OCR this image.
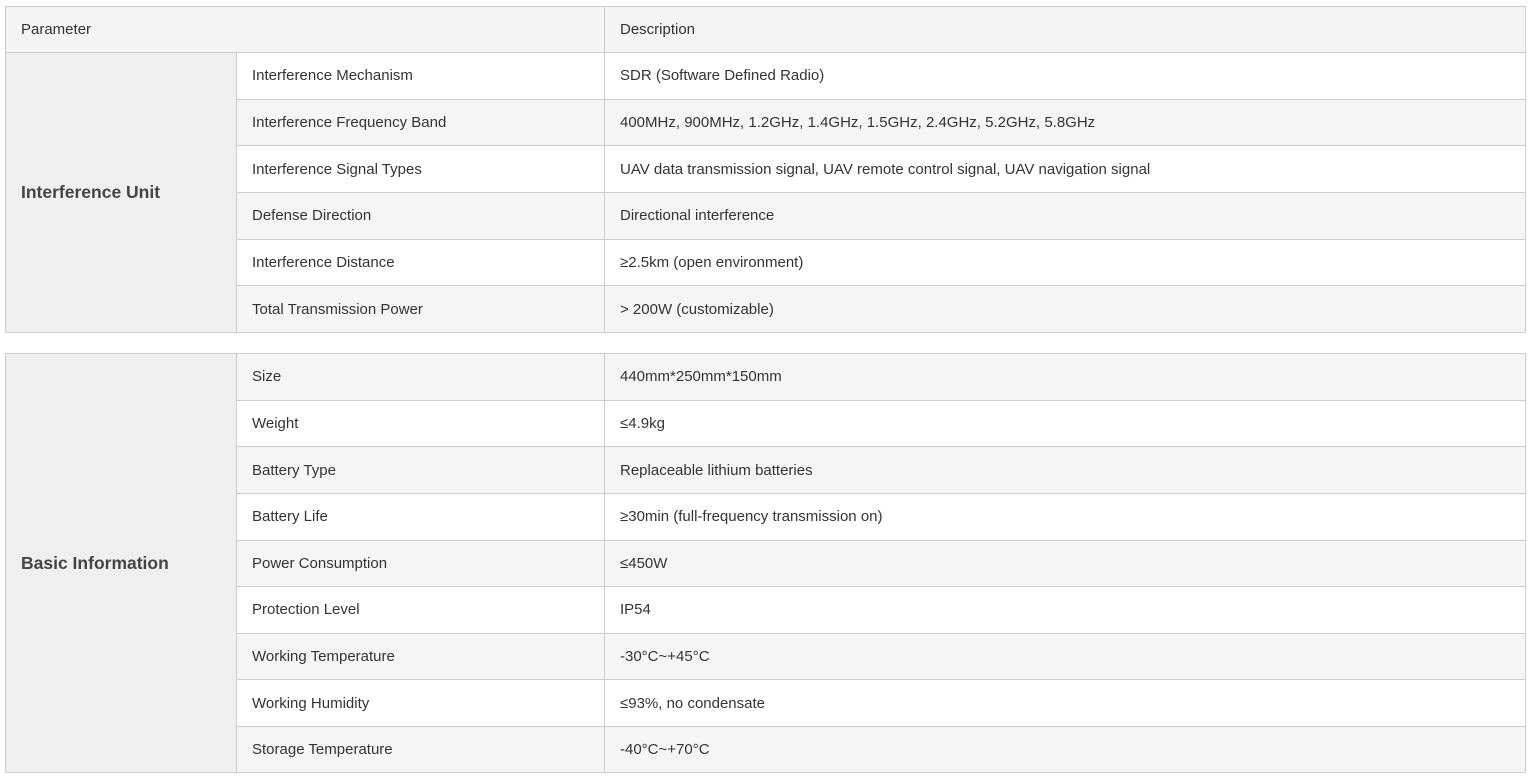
Parameter		Description
Interference Unit	Interference Mechanism	SDR (Software Defined Radio)
	Interference Frequency Band	400MHz, 900MHz, 1.2GHz, 1.4GHz, 1.5GHz, 2.4GHz, 5.2GHz, 5.8GHz
	Interference Signal Types	UAV data transmission signal, UAV remote control signal, UAV navigation signal
	Defense Direction	Directional interference
	Interference Distance	≥2.5km (open environment)
	Total Transmission Power	> 200W (customizable)
Basic Information	Size	440mm*250mm*150mm
	Weight	≤4.9kg
	Battery Type	Replaceable lithium batteries
	Battery Life	≥30min (full-frequency transmission on)
	Power Consumption	≤450W
	Protection Level	IP54
	Working Temperature	-30°C~+45°C
	Working Humidity	≤93%, no condensate
	Storage Temperature	-40°C~+70°C
